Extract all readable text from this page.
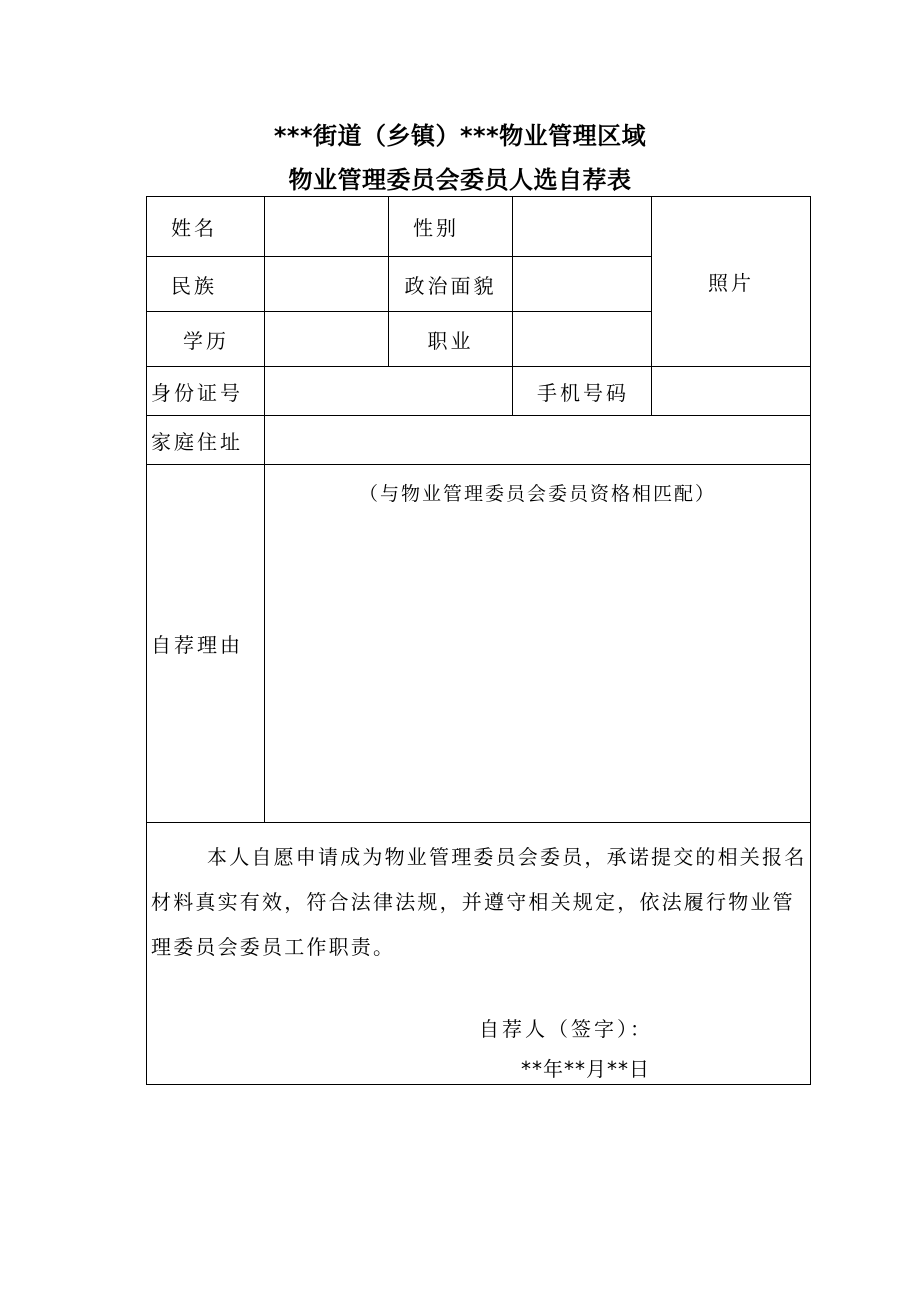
***街道（乡镇）***物业管理区域
物业管理委员会委员人选自荐表
姓名		性别		照片
民族		政治面貌		
学历		职业		
身份证号			手机号码	
家庭住址				
自荐理由	（与物业管理委员会委员资格相匹配）			

本人自愿申请成为物业管理委员会委员，承诺提交的相关报名材料真实有效，符合法律法规，并遵守相关规定，依法履行物业管理委员会委员工作职责。
自荐人（签字）：
**年**月**日				
